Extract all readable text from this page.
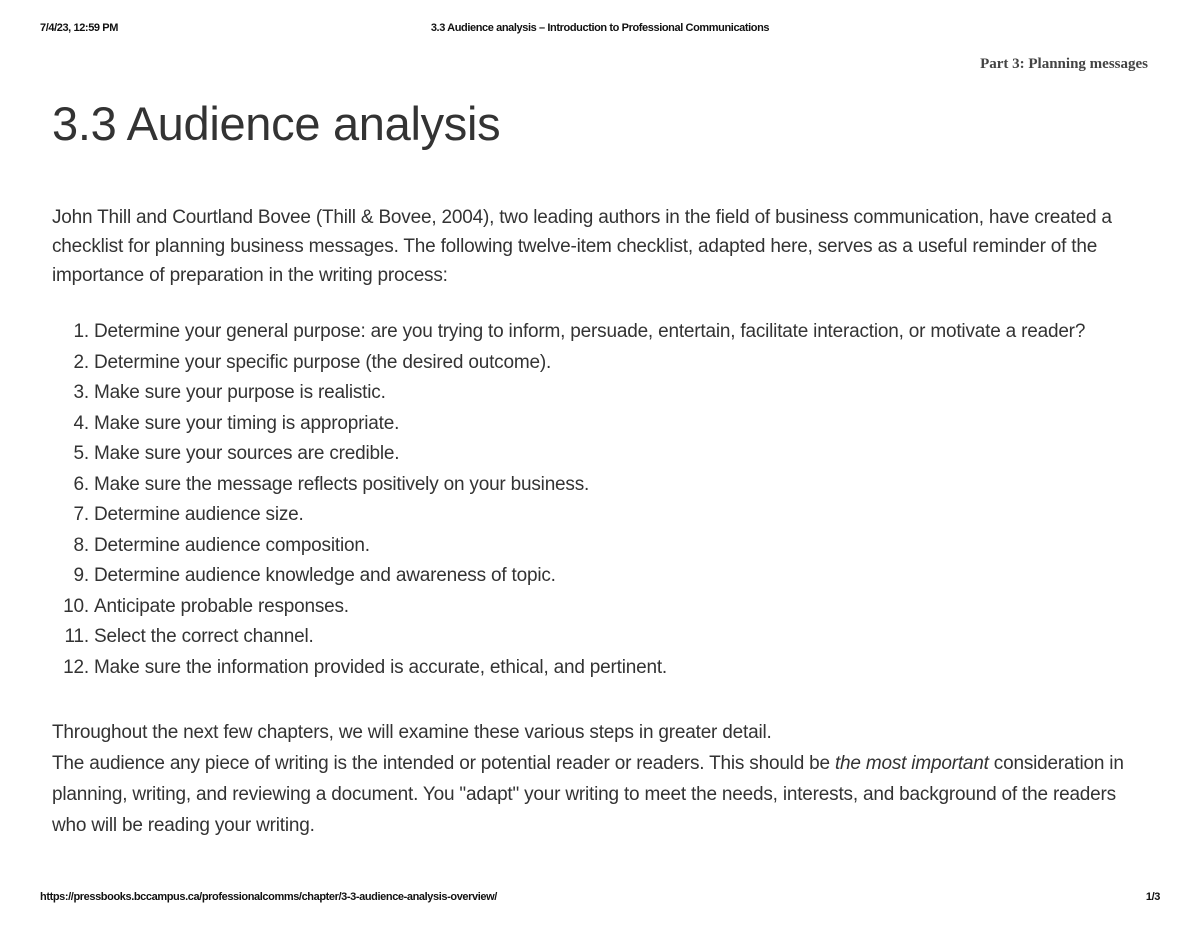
7/4/23, 12:59 PM	3.3 Audience analysis – Introduction to Professional Communications
Part 3: Planning messages
3.3 Audience analysis

John Thill and Courtland Bovee (Thill & Bovee, 2004), two leading authors in the field of business communication, have created a checklist for planning business messages. The following twelve-item checklist, adapted here, serves as a useful reminder of the importance of preparation in the writing process:

1. Determine your general purpose: are you trying to inform, persuade, entertain, facilitate interaction, or motivate a reader?
2. Determine your specific purpose (the desired outcome).
3. Make sure your purpose is realistic.
4. Make sure your timing is appropriate.
5. Make sure your sources are credible.
6. Make sure the message reflects positively on your business.
7. Determine audience size.
8. Determine audience composition.
9. Determine audience knowledge and awareness of topic.
10. Anticipate probable responses.
11. Select the correct channel.
12. Make sure the information provided is accurate, ethical, and pertinent.

Throughout the next few chapters, we will examine these various steps in greater detail.

The audience any piece of writing is the intended or potential reader or readers. This should be the most important consideration in planning, writing, and reviewing a document. You "adapt" your writing to meet the needs, interests, and background of the readers who will be reading your writing.

https://pressbooks.bccampus.ca/professionalcomms/chapter/3-3-audience-analysis-overview/	1/3
